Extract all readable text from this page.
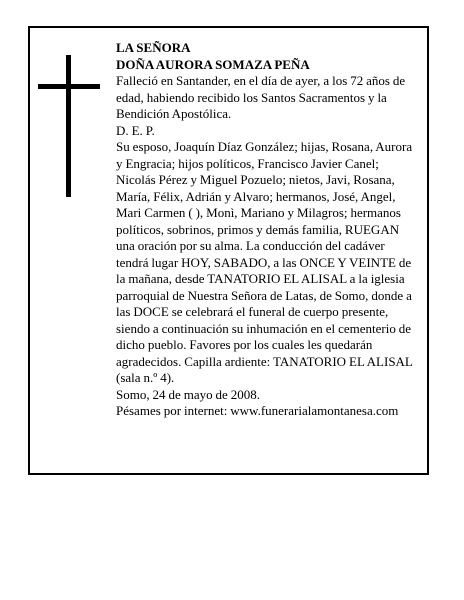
LA SEÑORA

DOÑA AURORA SOMAZA PEÑA

Falleció en Santander, en el día de ayer, a los 72 años de edad, habiendo recibido los Santos Sacramentos y la Bendición Apostólica.

D. E. P.

Su esposo, Joaquín Díaz González; hijas, Rosana, Aurora y Engracia; hijos políticos, Francisco Javier Canel; Nicolás Pérez y Miguel Pozuelo; nietos, Javi, Rosana, María, Félix, Adrián y Alvaro; hermanos, José, Angel, Mari Carmen ( ), Monì, Mariano y Milagros; hermanos políticos, sobrinos, primos y demás familia, RUEGAN una oración por su alma. La conducción del cadáver tendrá lugar HOY, SABADO, a las ONCE Y VEINTE de la mañana, desde TANATORIO EL ALISAL a la iglesia parroquial de Nuestra Señora de Latas, de Somo, donde a las DOCE se celebrará el funeral de cuerpo presente, siendo a continuación su inhumación en el cementerio de dicho pueblo. Favores por los cuales les quedarán agradecidos. Capilla ardiente: TANATORIO EL ALISAL (sala n.º 4).

Somo, 24 de mayo de 2008.

Pésames por internet: www.funerarialamontanesa.com
